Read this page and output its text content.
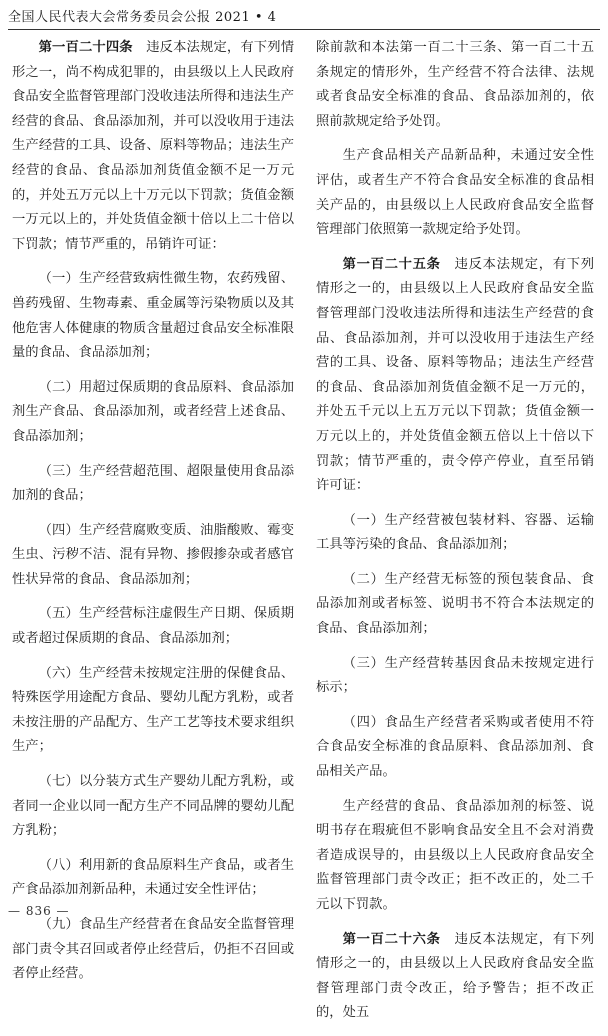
全国人民代表大会常务委员会公报 2021 • 4

第一百二十四条　 违反本法规定，有下列情形之一，尚不构成犯罪的，由县级以上人民政府食品安全监督管理部门没收违法所得和违法生产经营的食品、食品添加剂，并可以没收用于违法生产经营的工具、设备、原料等物品；违法生产经营的食品、食品添加剂货值金额不足一万元的，并处五万元以上十万元以下罚款；货值金额一万元以上的，并处货值金额十倍以上二十倍以下罚款；情节严重的，吊销许可证：

（一）生产经营致病性微生物，农药残留、兽药残留、生物毒素、重金属等污染物质以及其他危害人体健康的物质含量超过食品安全标准限量的食品、食品添加剂；

（二）用超过保质期的食品原料、食品添加剂生产食品、食品添加剂，或者经营上述食品、食品添加剂；

（三）生产经营超范围、超限量使用食品添加剂的食品；

（四）生产经营腐败变质、油脂酸败、霉变生虫、污秽不洁、混有异物、掺假掺杂或者感官性状异常的食品、食品添加剂；

（五）生产经营标注虚假生产日期、保质期或者超过保质期的食品、食品添加剂；

（六）生产经营未按规定注册的保健食品、特殊医学用途配方食品、婴幼儿配方乳粉，或者未按注册的产品配方、生产工艺等技术要求组织生产；

（七）以分装方式生产婴幼儿配方乳粉，或者同一企业以同一配方生产不同品牌的婴幼儿配方乳粉；

（八）利用新的食品原料生产食品，或者生产食品添加剂新品种，未通过安全性评估；

（九）食品生产经营者在食品安全监督管理部门责令其召回或者停止经营后，仍拒不召回或者停止经营。

除前款和本法第一百二十三条、第一百二十五条规定的情形外，生产经营不符合法律、法规或者食品安全标准的食品、食品添加剂的，依照前款规定给予处罚。

生产食品相关产品新品种，未通过安全性评估，或者生产不符合食品安全标准的食品相关产品的，由县级以上人民政府食品安全监督管理部门依照第一款规定给予处罚。

第一百二十五条　 违反本法规定，有下列情形之一的，由县级以上人民政府食品安全监督管理部门没收违法所得和违法生产经营的食品、食品添加剂，并可以没收用于违法生产经营的工具、设备、原料等物品；违法生产经营的食品、食品添加剂货值金额不足一万元的，并处五千元以上五万元以下罚款；货值金额一万元以上的，并处货值金额五倍以上十倍以下罚款；情节严重的，责令停产停业，直至吊销许可证：

（一）生产经营被包装材料、容器、运输工具等污染的食品、食品添加剂；

（二）生产经营无标签的预包装食品、食品添加剂或者标签、说明书不符合本法规定的食品、食品添加剂；

（三）生产经营转基因食品未按规定进行标示；

（四）食品生产经营者采购或者使用不符合食品安全标准的食品原料、食品添加剂、食品相关产品。

生产经营的食品、食品添加剂的标签、说明书存在瑕疵但不影响食品安全且不会对消费者造成误导的，由县级以上人民政府食品安全监督管理部门责令改正；拒不改正的，处二千元以下罚款。

第一百二十六条　 违反本法规定，有下列情形之一的，由县级以上人民政府食品安全监督管理部门责令改正，给予警告；拒不改正的，处五

— 836 —
